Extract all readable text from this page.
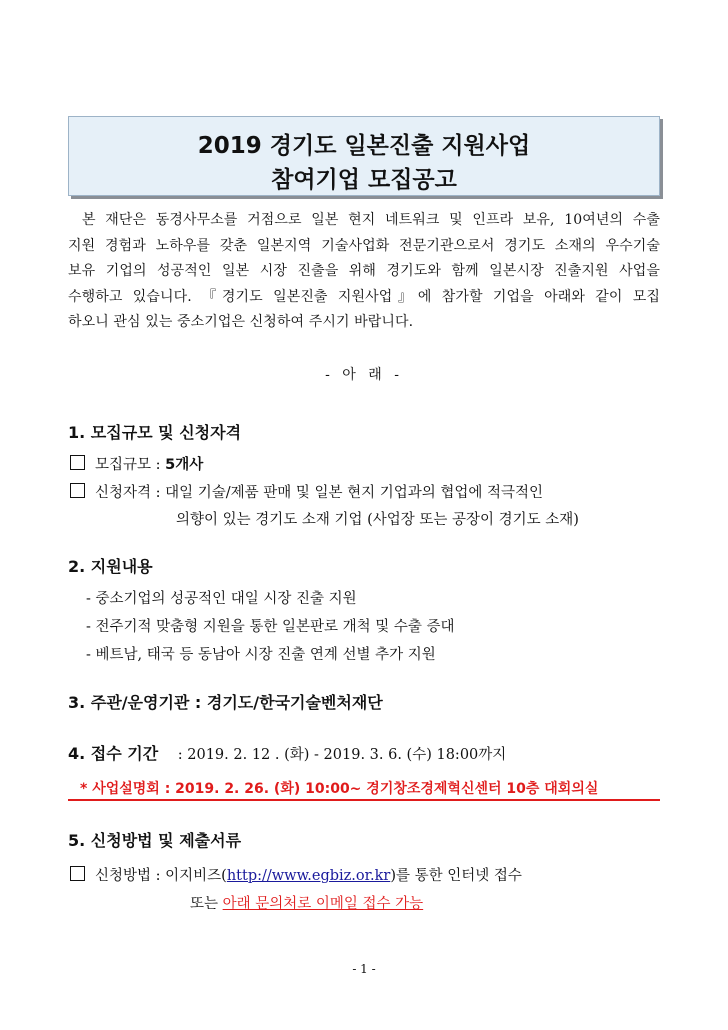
2019 경기도 일본진출 지원사업
참여기업 모집공고
본 재단은 동경사무소를 거점으로 일본 현지 네트워크 및 인프라 보유, 10여년의 수출
지원 경험과 노하우를 갖춘 일본지역 기술사업화 전문기관으로서 경기도 소재의 우수기술
보유 기업의 성공적인 일본 시장 진출을 위해 경기도와 함께 일본시장 진출지원 사업을
수행하고 있습니다. 『경기도 일본진출 지원사업』에 참가할 기업을 아래와 같이 모집
하오니 관심 있는 중소기업은 신청하여 주시기 바랍니다.
- 아 래 -
1. 모집규모 및 신청자격
모집규모 : 5개사
신청자격 : 대일 기술/제품 판매 및 일본 현지 기업과의 협업에 적극적인
의향이 있는 경기도 소재 기업 (사업장 또는 공장이 경기도 소재)
2. 지원내용
- 중소기업의 성공적인 대일 시장 진출 지원
- 전주기적 맞춤형 지원을 통한 일본판로 개척 및 수출 증대
- 베트남, 태국 등 동남아 시장 진출 연계 선별 추가 지원
3. 주관/운영기관 : 경기도/한국기술벤처재단
4. 접수 기간 : 2019. 2. 12 . (화) - 2019. 3. 6. (수) 18:00까지
* 사업설명회 : 2019. 2. 26. (화) 10:00~ 경기창조경제혁신센터 10층 대회의실
5. 신청방법 및 제출서류
신청방법 : 이지비즈(http://www.egbiz.or.kr)를 통한 인터넷 접수
또는 아래 문의처로 이메일 접수 가능
- 1 -
